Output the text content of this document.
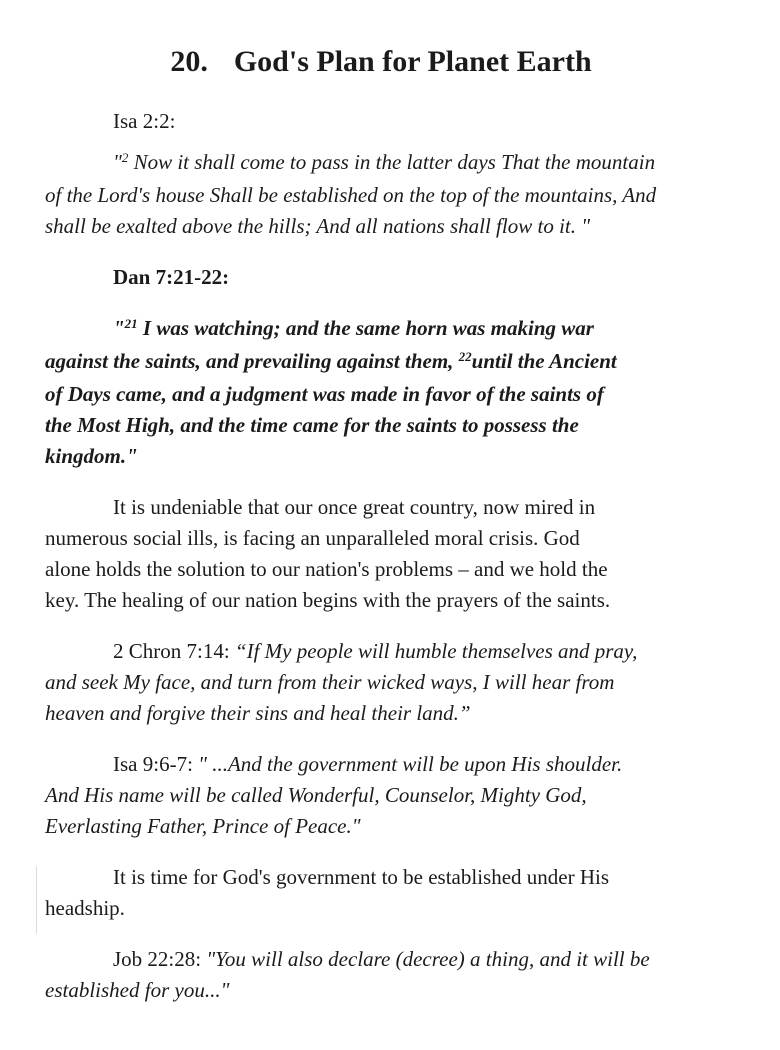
20. God's Plan for Planet Earth
Isa 2:2:
"$^2$ Now it shall come to pass in the latter days That the mountain
of the Lord's house Shall be established on the top of the mountains, And
shall be exalted above the hills; And all nations shall flow to it. "
Dan 7:21-22:
"$^{21}$ I was watching; and the same horn was making war
against the saints, and prevailing against them, $^{22}$until the Ancient
of Days came, and a judgment was made in favor of the saints of
the Most High, and the time came for the saints to possess the
kingdom."
It is undeniable that our once great country, now mired in
numerous social ills, is facing an unparalleled moral crisis. God
alone holds the solution to our nation's problems – and we hold the
key. The healing of our nation begins with the prayers of the saints.
2 Chron 7:14: “If My people will humble themselves and pray,
and seek My face, and turn from their wicked ways, I will hear from
heaven and forgive their sins and heal their land.”
Isa 9:6-7: " ...And the government will be upon His shoulder.
And His name will be called Wonderful, Counselor, Mighty God,
Everlasting Father, Prince of Peace."
It is time for God's government to be established under His
headship.
Job 22:28: "You will also declare (decree) a thing, and it will be
established for you..."
